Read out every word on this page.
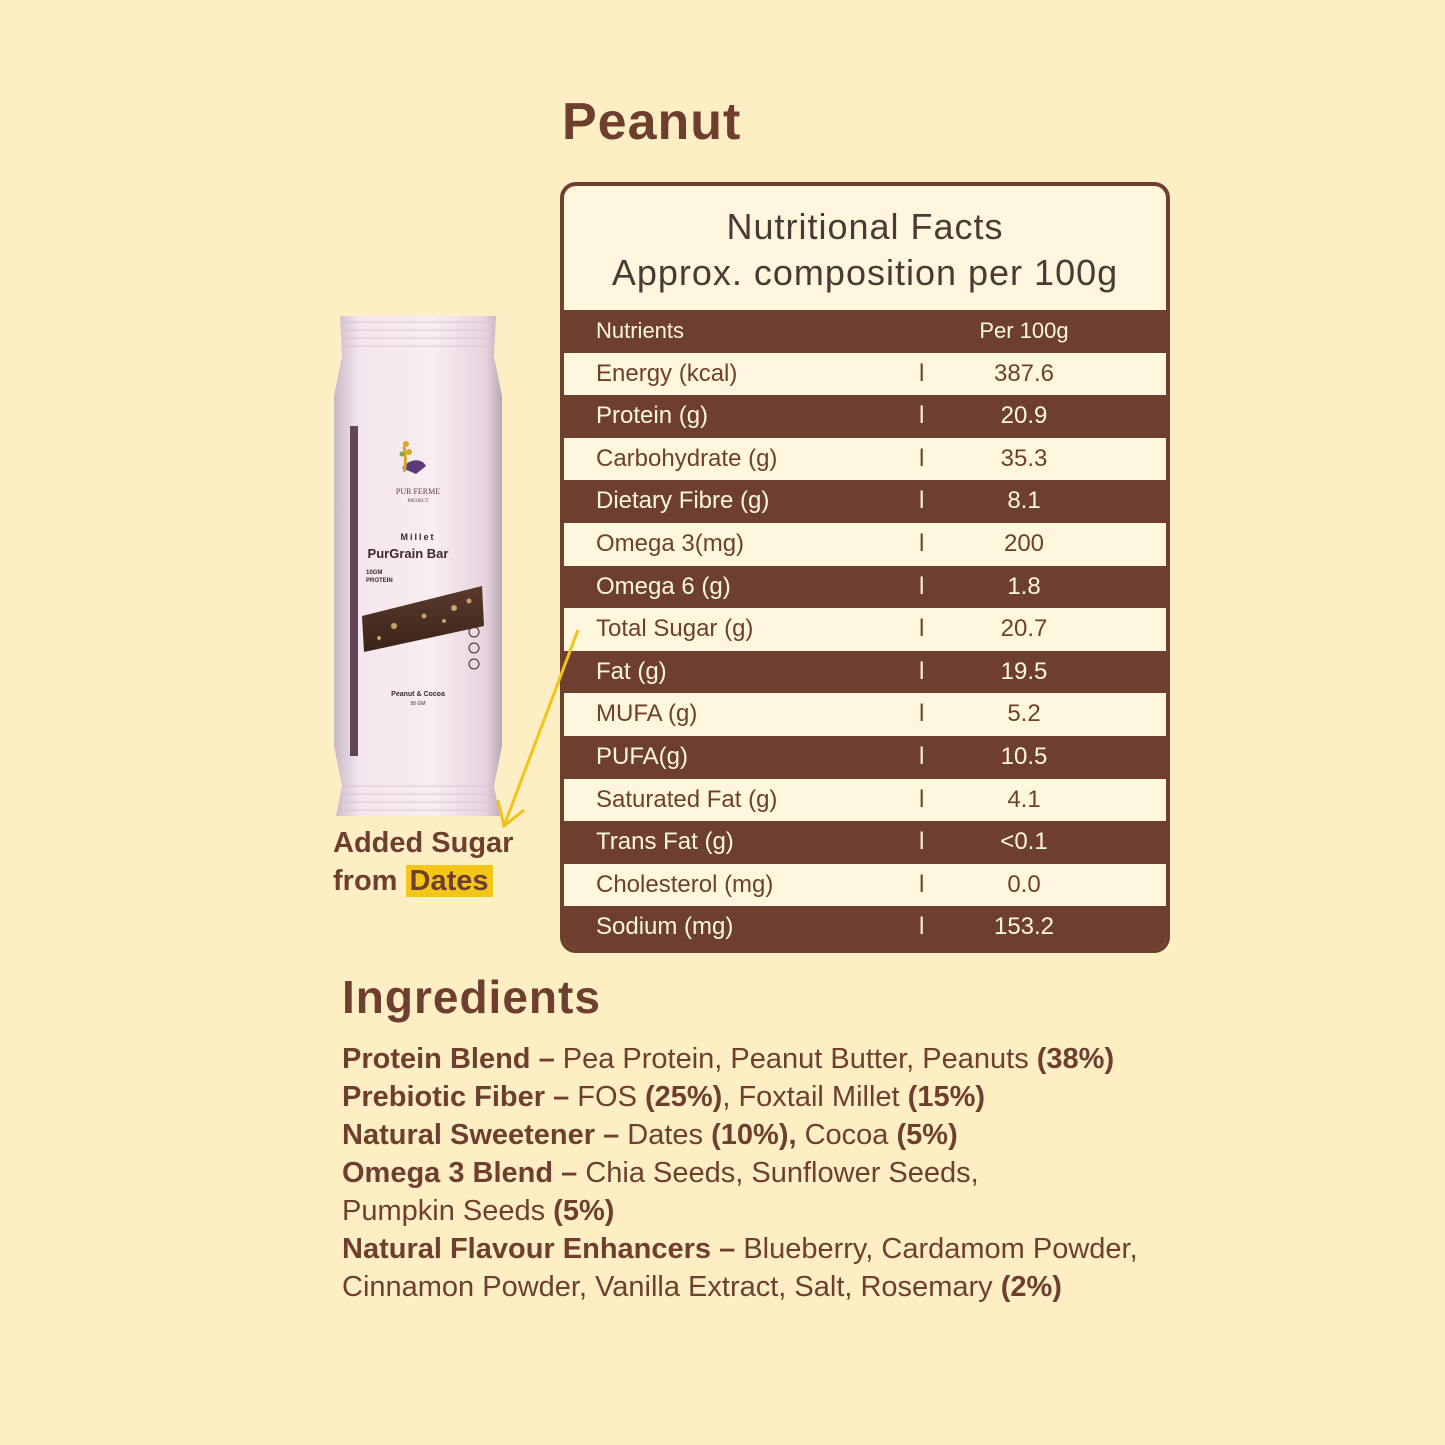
Peanut
Nutritional Facts
Approx. composition per 100g
Nutrients	Per 100g
Energy (kcal)	l	387.6
Protein (g)	l	20.9
Carbohydrate (g)	l	35.3
Dietary Fibre (g)	l	8.1
Omega 3(mg)	l	200
Omega 6 (g)	l	1.8
Total Sugar (g)	l	20.7
Fat (g)	l	19.5
MUFA (g)	l	5.2
PUFA(g)	l	10.5
Saturated Fat (g)	l	4.1
Trans Fat (g)	l	<0.1
Cholesterol (mg)	l	0.0
Sodium (mg)	l	153.2
PUR FERME
PROJECT
Millet
PurGrain Bar
10GM
PROTEIN
Peanut & Cocoa
50 GM
Added Sugar
from Dates
Ingredients
Protein Blend – Pea Protein, Peanut Butter, Peanuts (38%)
Prebiotic Fiber – FOS (25%), Foxtail Millet (15%)
Natural Sweetener – Dates (10%), Cocoa (5%)
Omega 3 Blend – Chia Seeds, Sunflower Seeds,
Pumpkin Seeds (5%)
Natural Flavour Enhancers – Blueberry, Cardamom Powder,
Cinnamon Powder, Vanilla Extract, Salt, Rosemary (2%)
